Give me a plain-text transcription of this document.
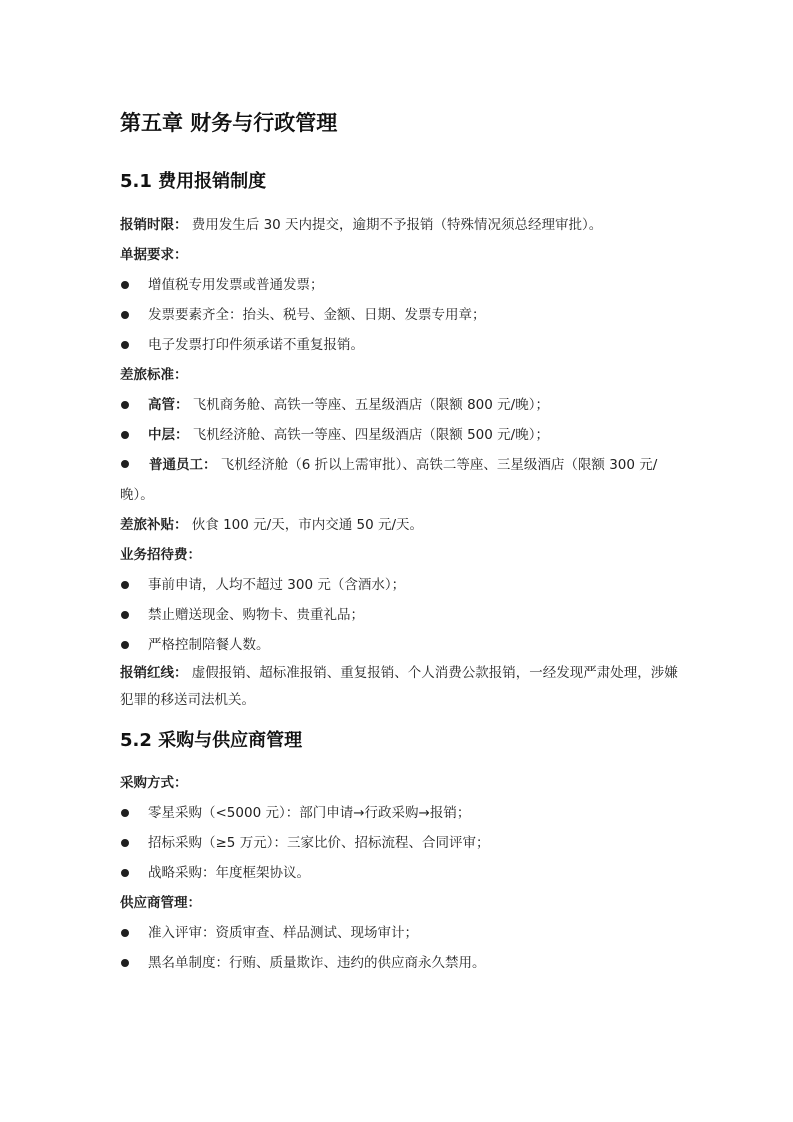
第五章 财务与行政管理
5.1 费用报销制度

报销时限： 费用发生后 30 天内提交，逾期不予报销（特殊情况须总经理审批）。

单据要求：

增值税专用发票或普通发票；
发票要素齐全：抬头、税号、金额、日期、发票专用章；
电子发票打印件须承诺不重复报销。

差旅标准：

高管： 飞机商务舱、高铁一等座、五星级酒店（限额 800 元/晚）；
中层： 飞机经济舱、高铁一等座、四星级酒店（限额 500 元/晚）；
普通员工： 飞机经济舱（6 折以上需审批）、高铁二等座、三星级酒店（限额 300 元/晚）。

差旅补贴： 伙食 100 元/天，市内交通 50 元/天。

业务招待费：

事前申请，人均不超过 300 元（含酒水）；
禁止赠送现金、购物卡、贵重礼品；
严格控制陪餐人数。

报销红线： 虚假报销、超标准报销、重复报销、个人消费公款报销，一经发现严肃处理，涉嫌犯罪的移送司法机关。

5.2 采购与供应商管理

采购方式：

零星采购（<5000 元）：部门申请→行政采购→报销；
招标采购（≥5 万元）：三家比价、招标流程、合同评审；
战略采购：年度框架协议。

供应商管理：

准入评审：资质审查、样品测试、现场审计；
黑名单制度：行贿、质量欺诈、违约的供应商永久禁用。
